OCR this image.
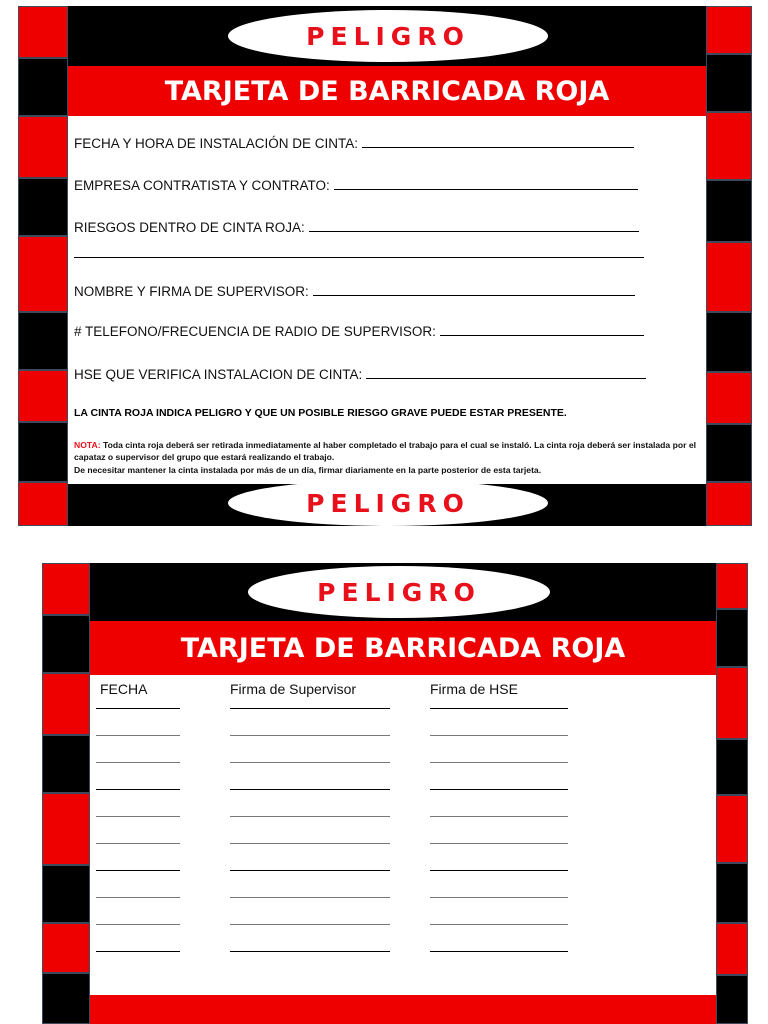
PELIGRO
TARJETA DE BARRICADA ROJA
FECHA Y HORA DE INSTALACIÓN DE CINTA:
EMPRESA CONTRATISTA Y CONTRATO:
RIESGOS DENTRO DE CINTA ROJA:
NOMBRE Y FIRMA DE SUPERVISOR:
# TELEFONO/FRECUENCIA DE RADIO DE SUPERVISOR:
HSE QUE VERIFICA INSTALACION DE CINTA:
LA CINTA ROJA INDICA PELIGRO Y QUE UN POSIBLE RIESGO GRAVE PUEDE ESTAR PRESENTE.
NOTA: Toda cinta roja deberá ser retirada inmediatamente al haber completado el trabajo para el cual se instaló. La cinta roja deberá ser instalada por el capataz o supervisor del grupo que estará realizando el trabajo.
De necesitar mantener la cinta instalada por más de un día, firmar diariamente en la parte posterior de esta tarjeta.
PELIGRO
PELIGRO
TARJETA DE BARRICADA ROJA
FECHA	Firma de Supervisor	Firma de HSE
